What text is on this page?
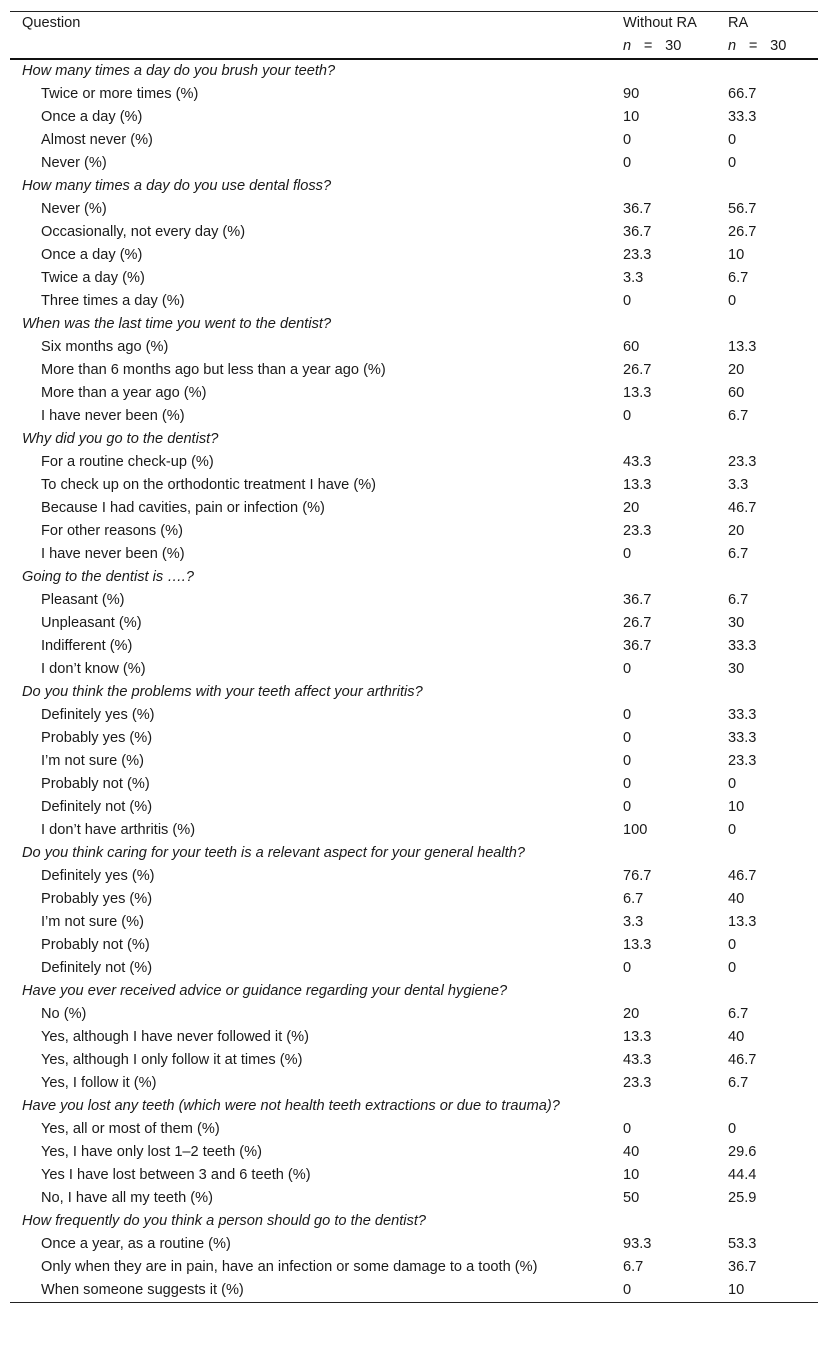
Question	Without RA	RA
	n = 30	n = 30
How many times a day do you brush your teeth?		
Twice or more times (%)	90	66.7
Once a day (%)	10	33.3
Almost never (%)	0	0
Never (%)	0	0
How many times a day do you use dental floss?		
Never (%)	36.7	56.7
Occasionally, not every day (%)	36.7	26.7
Once a day (%)	23.3	10
Twice a day (%)	3.3	6.7
Three times a day (%)	0	0
When was the last time you went to the dentist?		
Six months ago (%)	60	13.3
More than 6 months ago but less than a year ago (%)	26.7	20
More than a year ago (%)	13.3	60
I have never been (%)	0	6.7
Why did you go to the dentist?		
For a routine check-up (%)	43.3	23.3
To check up on the orthodontic treatment I have (%)	13.3	3.3
Because I had cavities, pain or infection (%)	20	46.7
For other reasons (%)	23.3	20
I have never been (%)	0	6.7
Going to the dentist is ….?		
Pleasant (%)	36.7	6.7
Unpleasant (%)	26.7	30
Indifferent (%)	36.7	33.3
I don’t know (%)	0	30
Do you think the problems with your teeth affect your arthritis?		
Definitely yes (%)	0	33.3
Probably yes (%)	0	33.3
I’m not sure (%)	0	23.3
Probably not (%)	0	0
Definitely not (%)	0	10
I don’t have arthritis (%)	100	0
Do you think caring for your teeth is a relevant aspect for your general health?		
Definitely yes (%)	76.7	46.7
Probably yes (%)	6.7	40
I’m not sure (%)	3.3	13.3
Probably not (%)	13.3	0
Definitely not (%)	0	0
Have you ever received advice or guidance regarding your dental hygiene?		
No (%)	20	6.7
Yes, although I have never followed it (%)	13.3	40
Yes, although I only follow it at times (%)	43.3	46.7
Yes, I follow it (%)	23.3	6.7
Have you lost any teeth (which were not health teeth extractions or due to trauma)?		
Yes, all or most of them (%)	0	0
Yes, I have only lost 1–2 teeth (%)	40	29.6
Yes I have lost between 3 and 6 teeth (%)	10	44.4
No, I have all my teeth (%)	50	25.9
How frequently do you think a person should go to the dentist?		
Once a year, as a routine (%)	93.3	53.3
Only when they are in pain, have an infection or some damage to a tooth (%)	6.7	36.7
When someone suggests it (%)	0	10
